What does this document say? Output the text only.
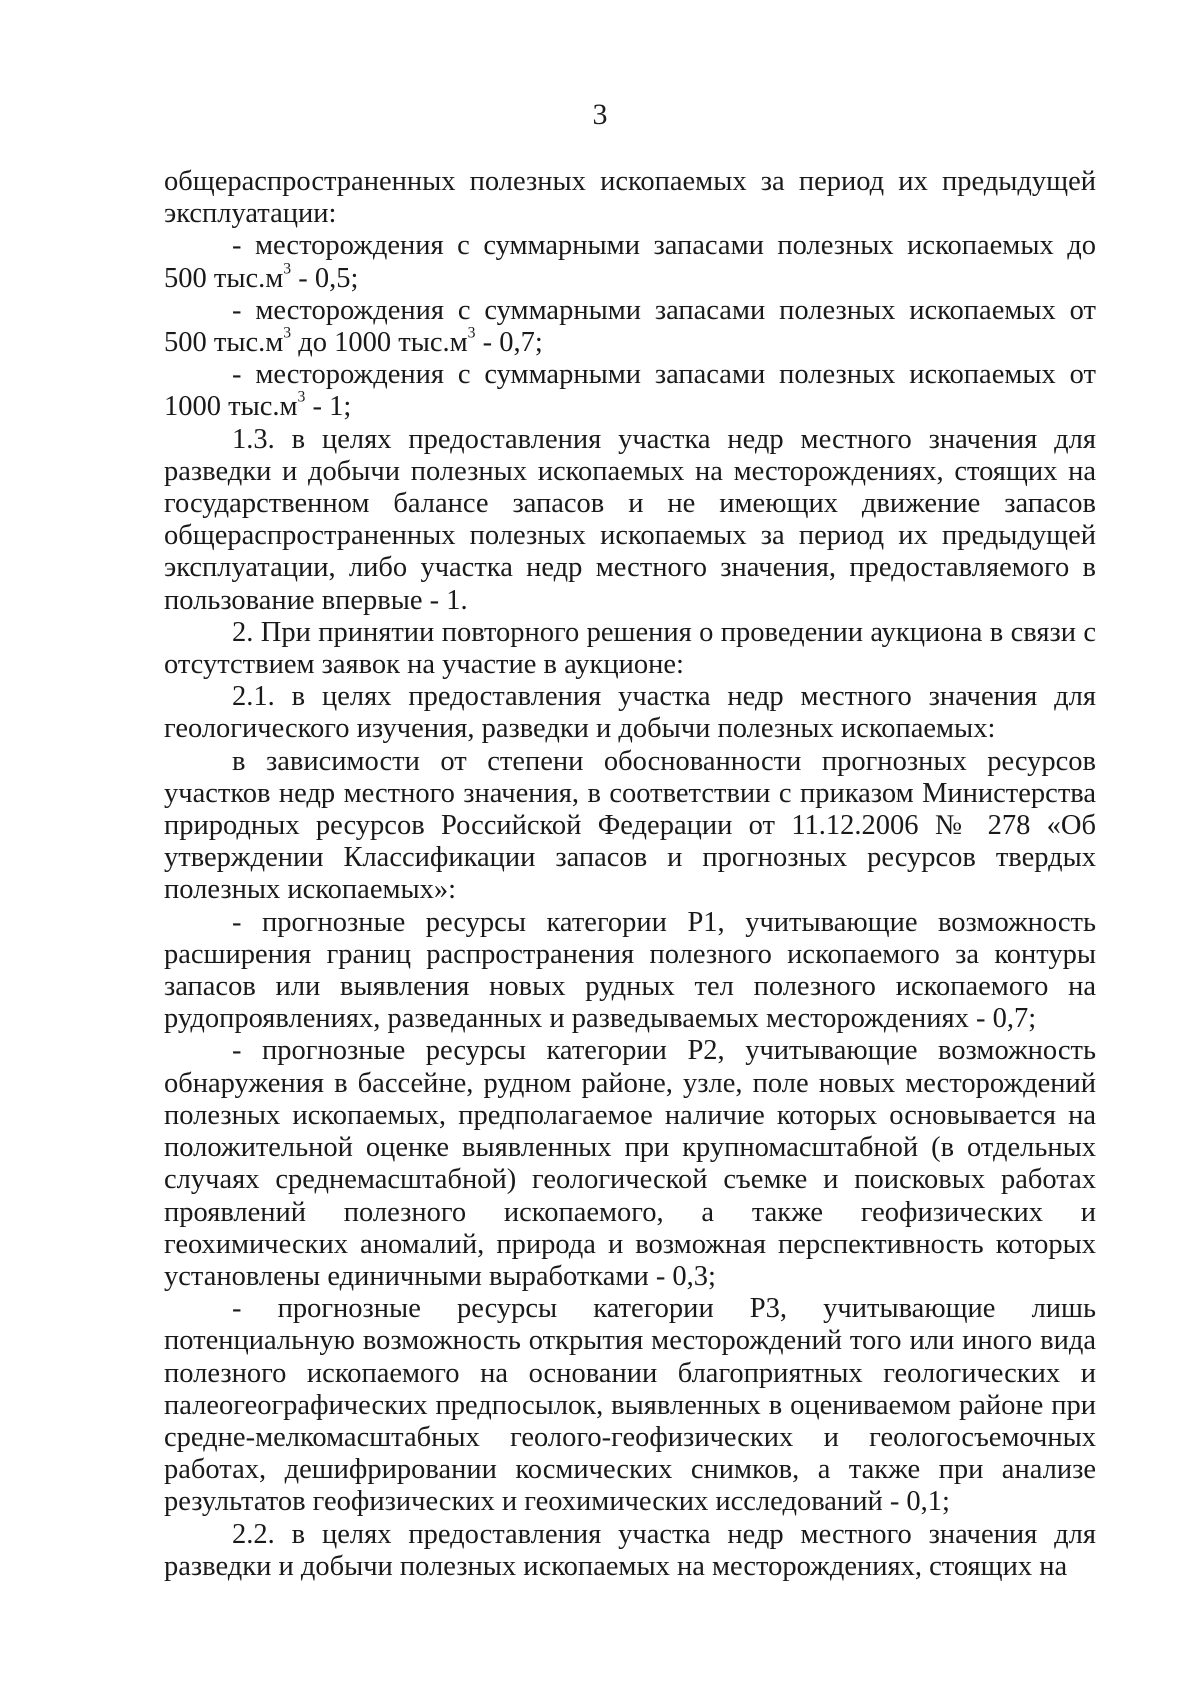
3

общераспространенных полезных ископаемых за период их предыдущей эксплуатации:

- месторождения с суммарными запасами полезных ископаемых до 500 $тыс.м^3 - 0,5$;

- месторождения с суммарными запасами полезных ископаемых от 500 $тыс.м^3$ до 1000 $тыс.м^3 - 0,7$;

- месторождения с суммарными запасами полезных ископаемых от 1000 $тыс.м^3 - 1$;

1.3. в целях предоставления участка недр местного значения для разведки и добычи полезных ископаемых на месторождениях, стоящих на государственном балансе запасов и не имеющих движение запасов общераспространенных полезных ископаемых за период их предыдущей эксплуатации, либо участка недр местного значения, предоставляемого в пользование впервые - 1.

2. При принятии повторного решения о проведении аукциона в связи с отсутствием заявок на участие в аукционе:

2.1. в целях предоставления участка недр местного значения для геологического изучения, разведки и добычи полезных ископаемых:

в зависимости от степени обоснованности прогнозных ресурсов участков недр местного значения, в соответствии с приказом Министерства природных ресурсов Российской Федерации от 11.12.2006 № 278 «Об утверждении Классификации запасов и прогнозных ресурсов твердых полезных ископаемых»:

- прогнозные ресурсы категории Р1, учитывающие возможность расширения границ распространения полезного ископаемого за контуры запасов или выявления новых рудных тел полезного ископаемого на рудопроявлениях, разведанных и разведываемых месторождениях - 0,7;

- прогнозные ресурсы категории Р2, учитывающие возможность обнаружения в бассейне, рудном районе, узле, поле новых месторождений полезных ископаемых, предполагаемое наличие которых основывается на положительной оценке выявленных при крупномасштабной (в отдельных случаях среднемасштабной) геологической съемке и поисковых работах проявлений полезного ископаемого, а также геофизических и геохимических аномалий, природа и возможная перспективность которых установлены единичными выработками - 0,3;

- прогнозные ресурсы категории Р3, учитывающие лишь потенциальную возможность открытия месторождений того или иного вида полезного ископаемого на основании благоприятных геологических и палеогеографических предпосылок, выявленных в оцениваемом районе при средне-мелкомасштабных геолого-геофизических и геологосъемочных работах, дешифрировании космических снимков, а также при анализе результатов геофизических и геохимических исследований - 0,1;

2.2. в целях предоставления участка недр местного значения для разведки и добычи полезных ископаемых на месторождениях, стоящих на
